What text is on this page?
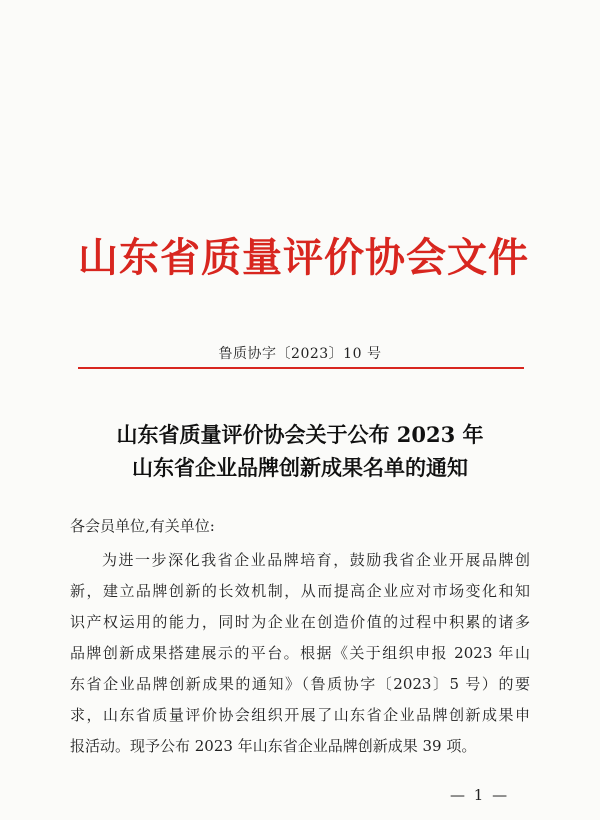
山东省质量评价协会文件
鲁质协字〔2023〕10 号
山东省质量评价协会关于公布 2023 年
山东省企业品牌创新成果名单的通知
各会员单位,有关单位:
为进一步深化我省企业品牌培育，鼓励我省企业开展品牌创
新，建立品牌创新的长效机制，从而提高企业应对市场变化和知
识产权运用的能力，同时为企业在创造价值的过程中积累的诸多
品牌创新成果搭建展示的平台。根据《关于组织申报 2023 年山
东省企业品牌创新成果的通知》（鲁质协字〔2023〕5 号）的要
求，山东省质量评价协会组织开展了山东省企业品牌创新成果申
报活动。现予公布 2023 年山东省企业品牌创新成果 39 项。
— 1 —
